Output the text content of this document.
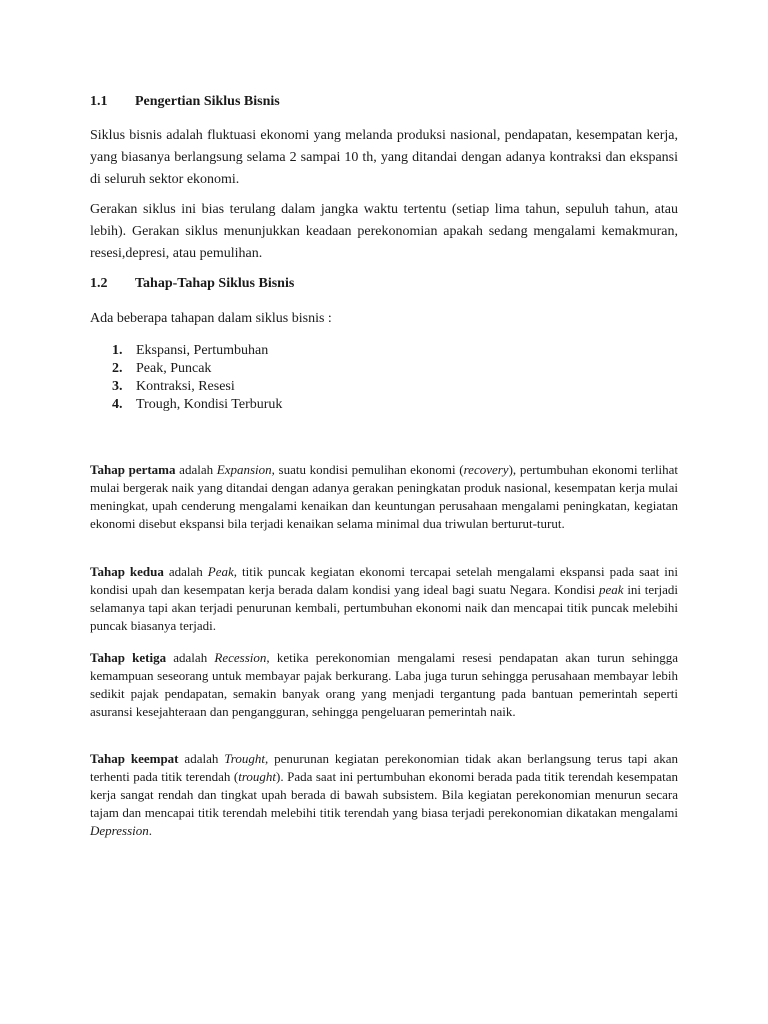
1.1 Pengertian Siklus Bisnis
Siklus bisnis adalah fluktuasi ekonomi yang melanda produksi nasional, pendapatan, kesempatan kerja, yang biasanya berlangsung selama 2 sampai 10 th, yang ditandai dengan adanya kontraksi dan ekspansi di seluruh sektor ekonomi.
Gerakan siklus ini bias terulang dalam jangka waktu tertentu (setiap lima tahun, sepuluh tahun, atau lebih). Gerakan siklus menunjukkan keadaan perekonomian apakah sedang mengalami kemakmuran, resesi,depresi, atau pemulihan.
1.2 Tahap-Tahap Siklus Bisnis
Ada beberapa tahapan dalam siklus bisnis :
1. Ekspansi, Pertumbuhan
2. Peak, Puncak
3. Kontraksi, Resesi
4. Trough, Kondisi Terburuk
Tahap pertama adalah Expansion, suatu kondisi pemulihan ekonomi (recovery), pertumbuhan ekonomi terlihat mulai bergerak naik yang ditandai dengan adanya gerakan peningkatan produk nasional, kesempatan kerja mulai meningkat, upah cenderung mengalami kenaikan dan keuntungan perusahaan mengalami peningkatan, kegiatan ekonomi disebut ekspansi bila terjadi kenaikan selama minimal dua triwulan berturut-turut.
Tahap kedua adalah Peak, titik puncak kegiatan ekonomi tercapai setelah mengalami ekspansi pada saat ini kondisi upah dan kesempatan kerja berada dalam kondisi yang ideal bagi suatu Negara. Kondisi peak ini terjadi selamanya tapi akan terjadi penurunan kembali, pertumbuhan ekonomi naik dan mencapai titik puncak melebihi puncak biasanya terjadi.
Tahap ketiga adalah Recession, ketika perekonomian mengalami resesi pendapatan akan turun sehingga kemampuan seseorang untuk membayar pajak berkurang. Laba juga turun sehingga perusahaan membayar lebih sedikit pajak pendapatan, semakin banyak orang yang menjadi tergantung pada bantuan pemerintah seperti asuransi kesejahteraan dan pengangguran, sehingga pengeluaran pemerintah naik.
Tahap keempat adalah Trought, penurunan kegiatan perekonomian tidak akan berlangsung terus tapi akan terhenti pada titik terendah (trought). Pada saat ini pertumbuhan ekonomi berada pada titik terendah kesempatan kerja sangat rendah dan tingkat upah berada di bawah subsistem. Bila kegiatan perekonomian menurun secara tajam dan mencapai titik terendah melebihi titik terendah yang biasa terjadi perekonomian dikatakan mengalami Depression.
